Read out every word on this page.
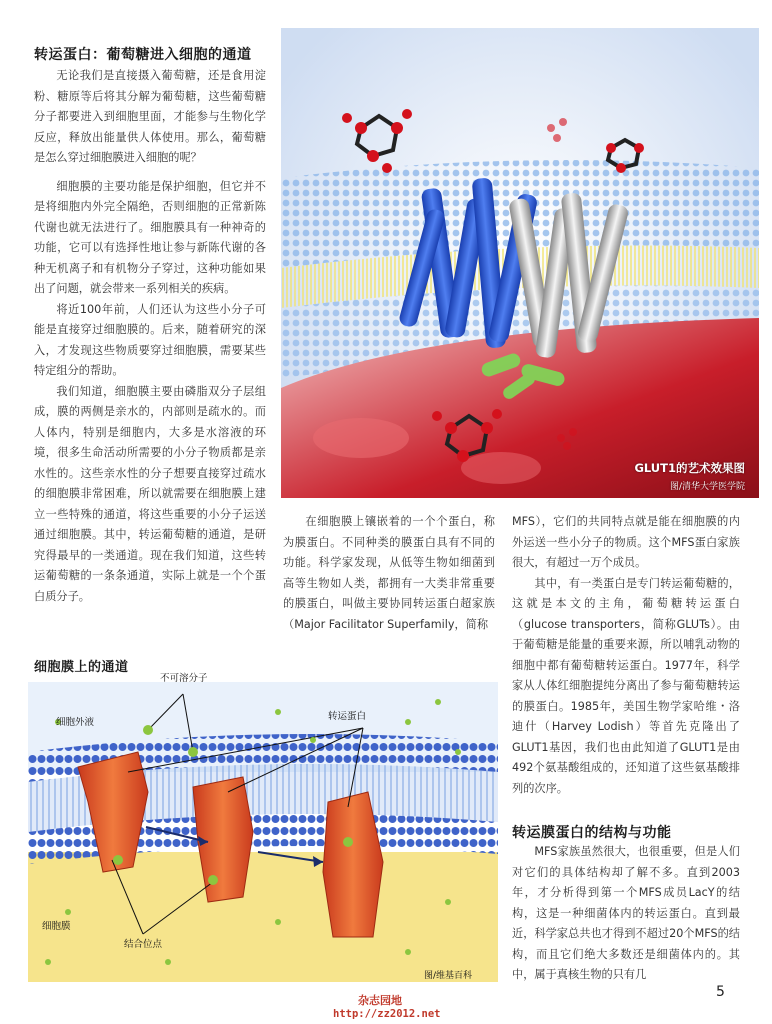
转运蛋白：葡萄糖进入细胞的通道

无论我们是直接摄入葡萄糖，还是食用淀粉、糖原等后将其分解为葡萄糖，这些葡萄糖分子都要进入到细胞里面，才能参与生物化学反应，释放出能量供人体使用。那么，葡萄糖是怎么穿过细胞膜进入细胞的呢？

细胞膜的主要功能是保护细胞，但它并不是将细胞内外完全隔绝，否则细胞的正常新陈代谢也就无法进行了。细胞膜具有一种神奇的功能，它可以有选择性地让参与新陈代谢的各种无机离子和有机物分子穿过，这种功能如果出了问题，就会带来一系列相关的疾病。

将近100年前，人们还认为这些小分子可能是直接穿过细胞膜的。后来，随着研究的深入，才发现这些物质要穿过细胞膜，需要某些特定组分的帮助。

我们知道，细胞膜主要由磷脂双分子层组成，膜的两侧是亲水的，内部则是疏水的。而人体内，特别是细胞内，大多是水溶液的环境，很多生命活动所需要的小分子物质都是亲水性的。这些亲水性的分子想要直接穿过疏水的细胞膜非常困难，所以就需要在细胞膜上建立一些特殊的通道，将这些重要的小分子运送通过细胞膜。其中，转运葡萄糖的通道，是研究得最早的一类通道。现在我们知道，这些转运葡萄糖的一条条通道，实际上就是一个个蛋白质分子。

GLUT1的艺术效果图
图/清华大学医学院

在细胞膜上镶嵌着的一个个蛋白，称为膜蛋白。不同种类的膜蛋白具有不同的功能。科学家发现，从低等生物如细菌到高等生物如人类，都拥有一大类非常重要的膜蛋白，叫做主要协同转运蛋白超家族（Major Facilitator Superfamily，简称

MFS），它们的共同特点就是能在细胞膜的内外运送一些小分子的物质。这个MFS蛋白家族很大，有超过一万个成员。

其中，有一类蛋白是专门转运葡萄糖的，这就是本文的主角，葡萄糖转运蛋白（glucose transporters，简称GLUTs）。由于葡萄糖是能量的重要来源，所以哺乳动物的细胞中都有葡萄糖转运蛋白。1977年，科学家从人体红细胞提纯分离出了参与葡萄糖转运的膜蛋白。1985年，美国生物学家哈维・洛迪什（Harvey Lodish）等首先克隆出了GLUT1基因，我们也由此知道了GLUT1是由492个氨基酸组成的，还知道了这些氨基酸排列的次序。

转运膜蛋白的结构与功能

MFS家族虽然很大，也很重要，但是人们对它们的具体结构却了解不多。直到2003年，才分析得到第一个MFS成员LacY的结构，这是一种细菌体内的转运蛋白。直到最近，科学家总共也才得到不超过20个MFS的结构，而且它们绝大多数还是细菌体内的。其中，属于真核生物的只有几

细胞膜上的通道
不可溶分子
细胞外液
转运蛋白
细胞膜
结合位点
图/维基百科
5
杂志园地
http://zz2012.net
